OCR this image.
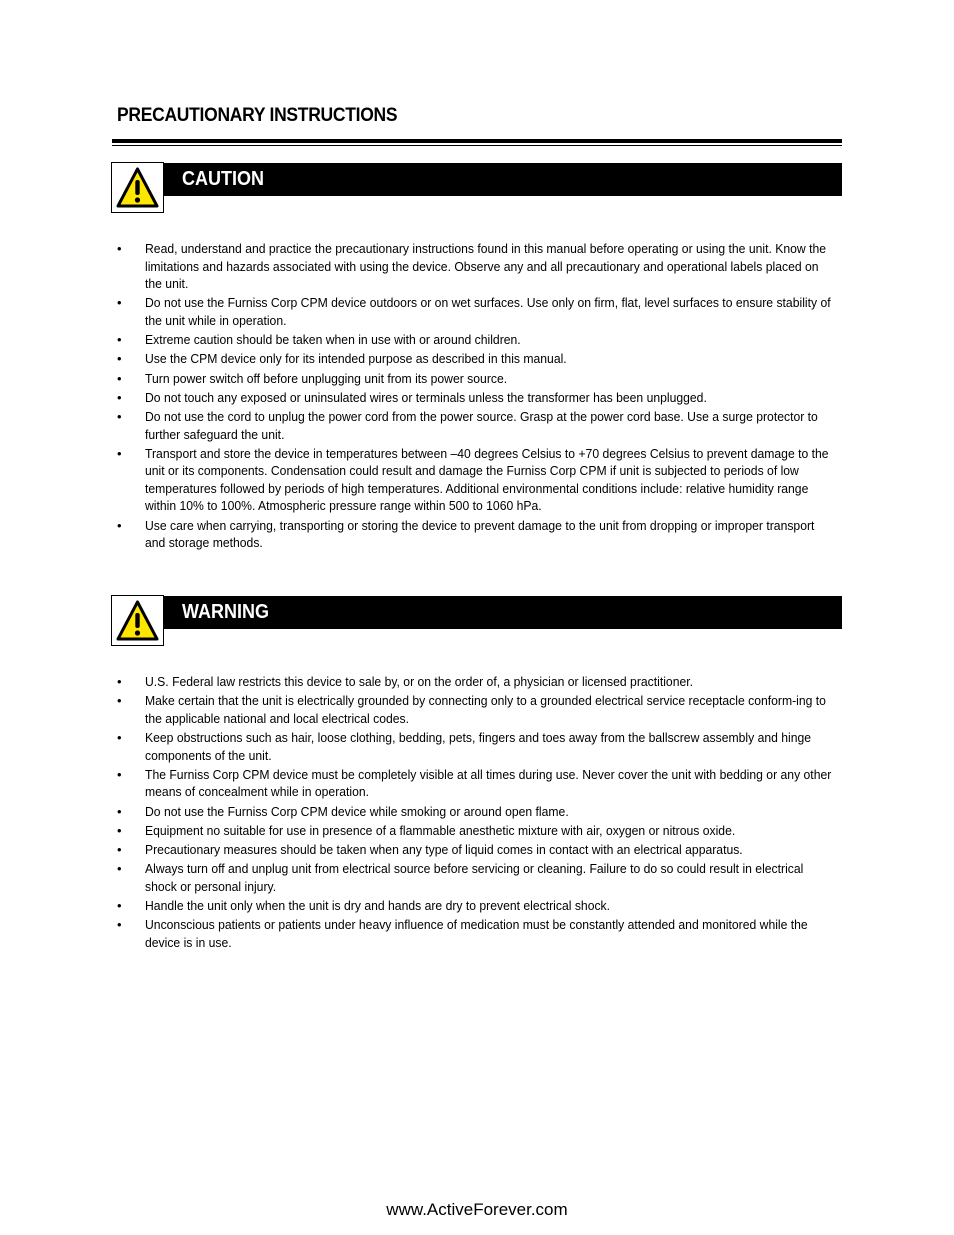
PRECAUTIONARY INSTRUCTIONS
CAUTION
• Read, understand and practice the precautionary instructions found in this manual before operating or using the unit. Know the limitations and hazards associated with using the device. Observe any and all precautionary and operational labels placed on the unit.
• Do not use the Furniss Corp CPM device outdoors or on wet surfaces. Use only on firm, flat, level surfaces to ensure stability of the unit while in operation.
• Extreme caution should be taken when in use with or around children.
• Use the CPM device only for its intended purpose as described in this manual.
• Turn power switch off before unplugging unit from its power source.
• Do not touch any exposed or uninsulated wires or terminals unless the transformer has been unplugged.
• Do not use the cord to unplug the power cord from the power source. Grasp at the power cord base. Use a surge protector to further safeguard the unit.
• Transport and store the device in temperatures between –40 degrees Celsius to +70 degrees Celsius to prevent damage to the unit or its components. Condensation could result and damage the Furniss Corp CPM if unit is subjected to periods of low temperatures followed by periods of high temperatures. Additional environmental conditions include: relative humidity range within 10% to 100%. Atmospheric pressure range within 500 to 1060 hPa.
• Use care when carrying, transporting or storing the device to prevent damage to the unit from dropping or improper transport and storage methods.
WARNING
• U.S. Federal law restricts this device to sale by, or on the order of, a physician or licensed practitioner.
• Make certain that the unit is electrically grounded by connecting only to a grounded electrical service receptacle conform-ing to the applicable national and local electrical codes.
• Keep obstructions such as hair, loose clothing, bedding, pets, fingers and toes away from the ballscrew assembly and hinge components of the unit.
• The Furniss Corp CPM device must be completely visible at all times during use. Never cover the unit with bedding or any other means of concealment while in operation.
• Do not use the Furniss Corp CPM device while smoking or around open flame.
• Equipment no suitable for use in presence of a flammable anesthetic mixture with air, oxygen or nitrous oxide.
• Precautionary measures should be taken when any type of liquid comes in contact with an electrical apparatus.
• Always turn off and unplug unit from electrical source before servicing or cleaning. Failure to do so could result in electrical shock or personal injury.
• Handle the unit only when the unit is dry and hands are dry to prevent electrical shock.
• Unconscious patients or patients under heavy influence of medication must be constantly attended and monitored while the device is in use.
www.ActiveForever.com
